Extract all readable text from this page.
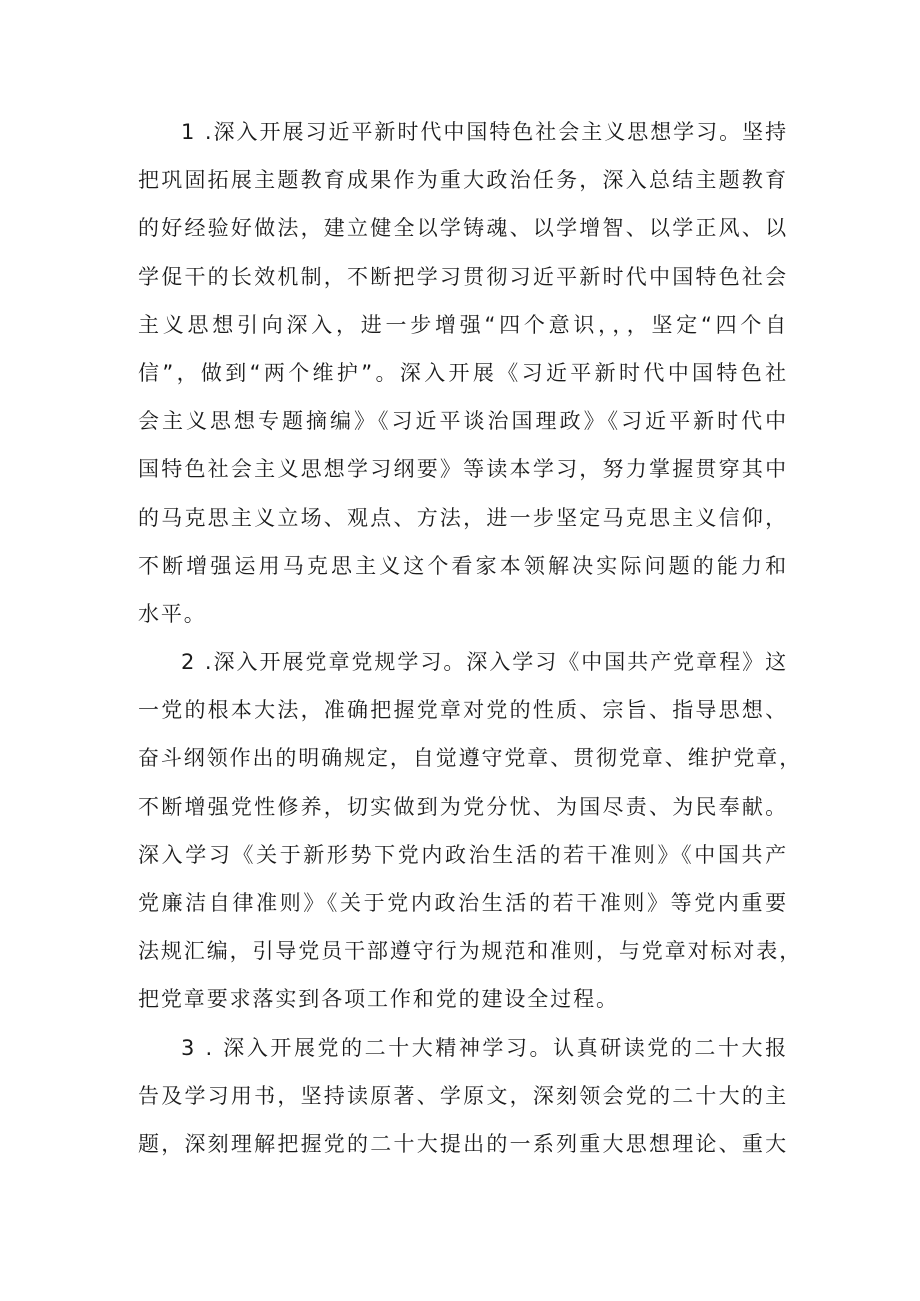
1 .深入开展习近平新时代中国特色社会主义思想学习。坚持
把巩固拓展主题教育成果作为重大政治任务，深入总结主题教育
的好经验好做法，建立健全以学铸魂、以学增智、以学正风、以
学促干的长效机制，不断把学习贯彻习近平新时代中国特色社会
主义思想引向深入，进一步增强“四个意识，，，坚定“四个自
信”，做到“两个维护”。深入开展《习近平新时代中国特色社
会主义思想专题摘编》《习近平谈治国理政》《习近平新时代中
国特色社会主义思想学习纲要》等读本学习，努力掌握贯穿其中
的马克思主义立场、观点、方法，进一步坚定马克思主义信仰，
不断增强运用马克思主义这个看家本领解决实际问题的能力和
水平。
2 .深入开展党章党规学习。深入学习《中国共产党章程》这
一党的根本大法，准确把握党章对党的性质、宗旨、指导思想、
奋斗纲领作出的明确规定，自觉遵守党章、贯彻党章、维护党章，
不断增强党性修养，切实做到为党分忧、为国尽责、为民奉献。
深入学习《关于新形势下党内政治生活的若干准则》《中国共产
党廉洁自律准则》《关于党内政治生活的若干准则》等党内重要
法规汇编，引导党员干部遵守行为规范和准则，与党章对标对表，
把党章要求落实到各项工作和党的建设全过程。
3 . 深入开展党的二十大精神学习。认真研读党的二十大报
告及学习用书，坚持读原著、学原文，深刻领会党的二十大的主
题，深刻理解把握党的二十大提出的一系列重大思想理论、重大
